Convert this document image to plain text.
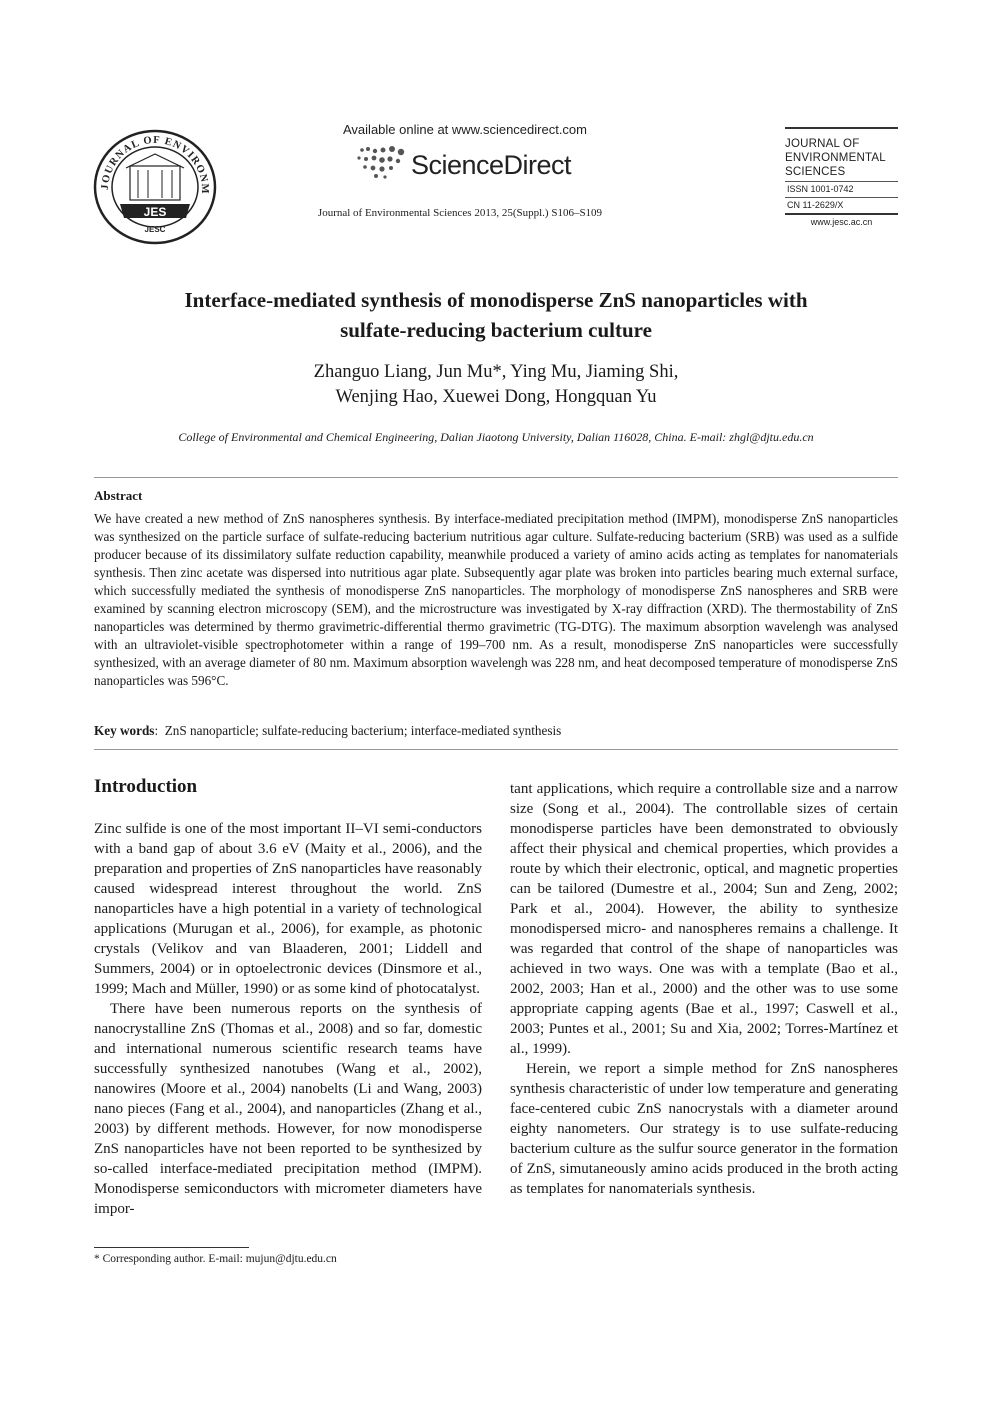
JOURNAL OF ENVIRONM
JES
JESC
Available online at www.sciencedirect.com
ScienceDirect
Journal of Environmental Sciences 2013, 25(Suppl.) S106–S109
JOURNAL OF
ENVIRONMENTAL
SCIENCES
ISSN 1001-0742
CN 11-2629/X
www.jesc.ac.cn
Interface-mediated synthesis of monodisperse ZnS nanoparticles with
sulfate-reducing bacterium culture
Zhanguo Liang, Jun Mu*, Ying Mu, Jiaming Shi,
Wenjing Hao, Xuewei Dong, Hongquan Yu
College of Environmental and Chemical Engineering, Dalian Jiaotong University, Dalian 116028, China. E-mail: zhgl@djtu.edu.cn
Abstract
We have created a new method of ZnS nanospheres synthesis. By interface-mediated precipitation method (IMPM), monodisperse ZnS nanoparticles was synthesized on the particle surface of sulfate-reducing bacterium nutritious agar culture. Sulfate-reducing bacterium (SRB) was used as a sulfide producer because of its dissimilatory sulfate reduction capability, meanwhile produced a variety of amino acids acting as templates for nanomaterials synthesis. Then zinc acetate was dispersed into nutritious agar plate. Subsequently agar plate was broken into particles bearing much external surface, which successfully mediated the synthesis of monodisperse ZnS nanoparticles. The morphology of monodisperse ZnS nanospheres and SRB were examined by scanning electron microscopy (SEM), and the microstructure was investigated by X-ray diffraction (XRD). The thermostability of ZnS nanoparticles was determined by thermo gravimetric-differential thermo gravimetric (TG-DTG). The maximum absorption wavelengh was analysed with an ultraviolet-visible spectrophotometer within a range of 199–700 nm. As a result, monodisperse ZnS nanoparticles were successfully synthesized, with an average diameter of 80 nm. Maximum absorption wavelengh was 228 nm, and heat decomposed temperature of monodisperse ZnS nanoparticles was 596°C.
Key words:  ZnS nanoparticle; sulfate-reducing bacterium; interface-mediated synthesis
Introduction

Zinc sulfide is one of the most important II–VI semi-conductors with a band gap of about 3.6 eV (Maity et al., 2006), and the preparation and properties of ZnS nanoparticles have reasonably caused widespread interest throughout the world. ZnS nanoparticles have a high potential in a variety of technological applications (Murugan et al., 2006), for example, as photonic crystals (Velikov and van Blaaderen, 2001; Liddell and Summers, 2004) or in optoelectronic devices (Dinsmore et al., 1999; Mach and Müller, 1990) or as some kind of photocatalyst.

There have been numerous reports on the synthesis of nanocrystalline ZnS (Thomas et al., 2008) and so far, domestic and international numerous scientific research teams have successfully synthesized nanotubes (Wang et al., 2002), nanowires (Moore et al., 2004) nanobelts (Li and Wang, 2003) nano pieces (Fang et al., 2004), and nanoparticles (Zhang et al., 2003) by different methods. However, for now monodisperse ZnS nanoparticles have not been reported to be synthesized by so-called interface-mediated precipitation method (IMPM). Monodisperse semiconductors with micrometer diameters have impor-

tant applications, which require a controllable size and a narrow size (Song et al., 2004). The controllable sizes of certain monodisperse particles have been demonstrated to obviously affect their physical and chemical properties, which provides a route by which their electronic, optical, and magnetic properties can be tailored (Dumestre et al., 2004; Sun and Zeng, 2002; Park et al., 2004). However, the ability to synthesize monodispersed micro- and nanospheres remains a challenge. It was regarded that control of the shape of nanoparticles was achieved in two ways. One was with a template (Bao et al., 2002, 2003; Han et al., 2000) and the other was to use some appropriate capping agents (Bae et al., 1997; Caswell et al., 2003; Puntes et al., 2001; Su and Xia, 2002; Torres-Martínez et al., 1999).

Herein, we report a simple method for ZnS nanospheres synthesis characteristic of under low temperature and generating face-centered cubic ZnS nanocrystals with a diameter around eighty nanometers. Our strategy is to use sulfate-reducing bacterium culture as the sulfur source generator in the formation of ZnS, simutaneously amino acids produced in the broth acting as templates for nanomaterials synthesis.

* Corresponding author. E-mail: mujun@djtu.edu.cn
